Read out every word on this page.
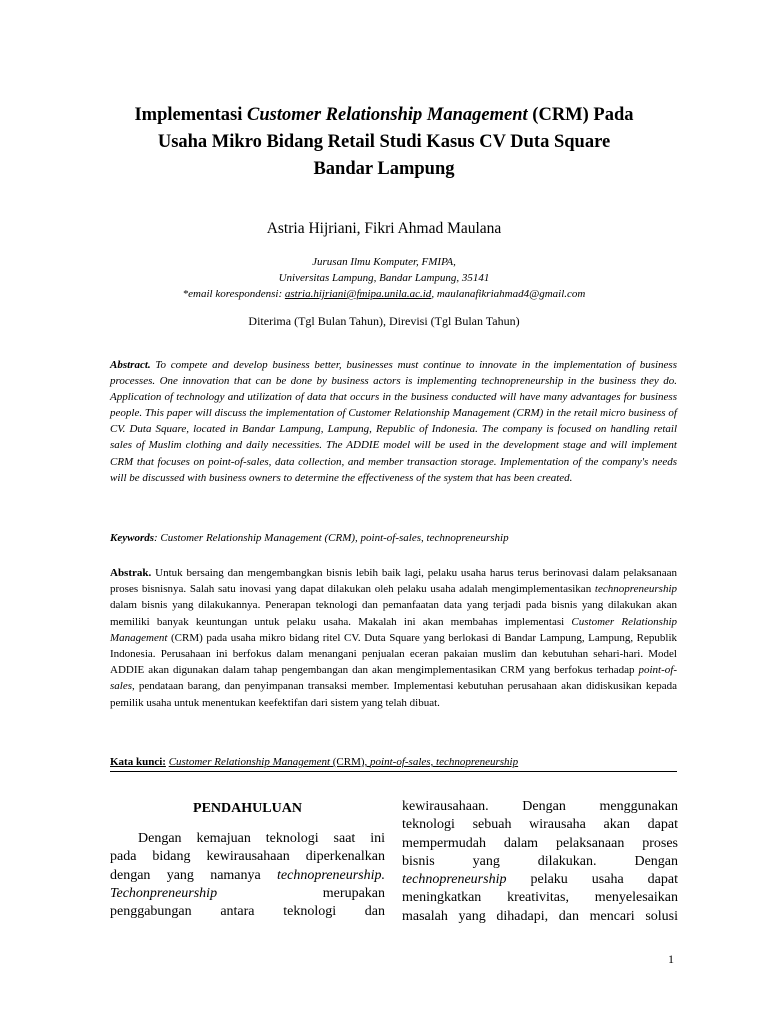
Implementasi Customer Relationship Management (CRM) Pada
Usaha Mikro Bidang Retail Studi Kasus CV Duta Square
Bandar Lampung
Astria Hijriani, Fikri Ahmad Maulana
Jurusan Ilmu Komputer, FMIPA,
Universitas Lampung, Bandar Lampung, 35141
*email korespondensi: astria.hijriani@fmipa.unila.ac.id, maulanafikriahmad4@gmail.com
Diterima (Tgl Bulan Tahun), Direvisi (Tgl Bulan Tahun)
Abstract. To compete and develop business better, businesses must continue to innovate in the implementation of business processes. One innovation that can be done by business actors is implementing technopreneurship in the business they do. Application of technology and utilization of data that occurs in the business conducted will have many advantages for business people. This paper will discuss the implementation of Customer Relationship Management (CRM) in the retail micro business of CV. Duta Square, located in Bandar Lampung, Lampung, Republic of Indonesia. The company is focused on handling retail sales of Muslim clothing and daily necessities. The ADDIE model will be used in the development stage and will implement CRM that focuses on point-of-sales, data collection, and member transaction storage. Implementation of the company's needs will be discussed with business owners to determine the effectiveness of the system that has been created.
Keywords: Customer Relationship Management (CRM), point-of-sales, technopreneurship
Abstrak. Untuk bersaing dan mengembangkan bisnis lebih baik lagi, pelaku usaha harus terus berinovasi dalam pelaksanaan proses bisnisnya. Salah satu inovasi yang dapat dilakukan oleh pelaku usaha adalah mengimplementasikan technopreneurship dalam bisnis yang dilakukannya. Penerapan teknologi dan pemanfaatan data yang terjadi pada bisnis yang dilakukan akan memiliki banyak keuntungan untuk pelaku usaha. Makalah ini akan membahas implementasi Customer Relationship Management (CRM) pada usaha mikro bidang ritel CV. Duta Square yang berlokasi di Bandar Lampung, Lampung, Republik Indonesia. Perusahaan ini berfokus dalam menangani penjualan eceran pakaian muslim dan kebutuhan sehari-hari. Model ADDIE akan digunakan dalam tahap pengembangan dan akan mengimplementasikan CRM yang berfokus terhadap point-of-sales, pendataan barang, dan penyimpanan transaksi member. Implementasi kebutuhan perusahaan akan didiskusikan kepada pemilik usaha untuk menentukan keefektifan dari sistem yang telah dibuat.
Kata kunci: Customer Relationship Management (CRM), point-of-sales, technopreneurship
PENDAHULUAN
Dengan kemajuan teknologi saat ini
pada bidang kewirausahaan diperkenalkan
dengan yang namanya technopreneurship.
Techonpreneurship	merupakan
penggabungan antara teknologi dan
kewirausahaan. Dengan menggunakan
teknologi sebuah wirausaha akan dapat
mempermudah dalam pelaksanaan proses
bisnis yang dilakukan. Dengan
technopreneurship pelaku usaha dapat
meningkatkan kreativitas, menyelesaikan
masalah yang dihadapi, dan mencari solusi
1
